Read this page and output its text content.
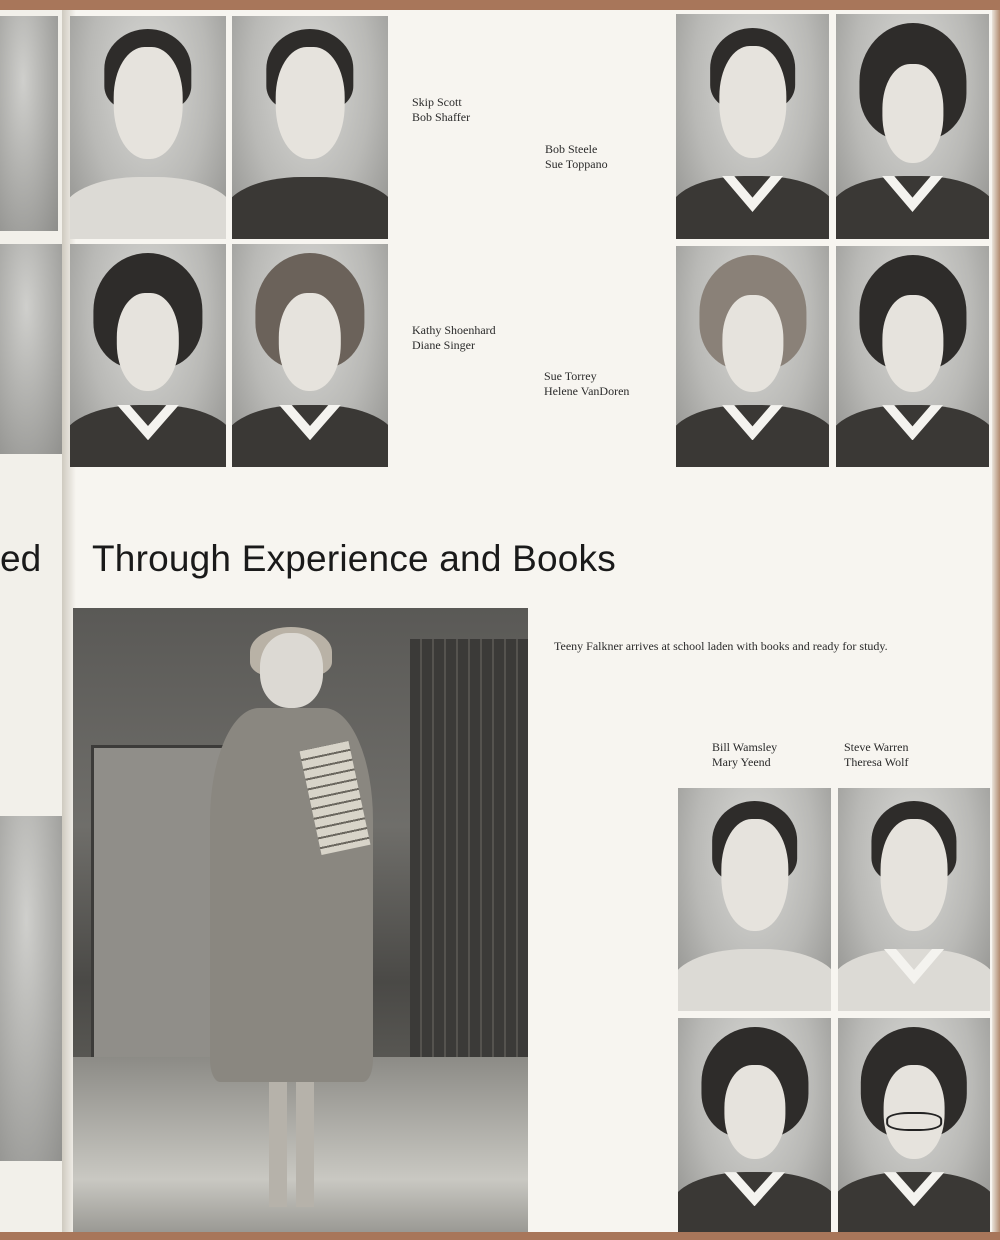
ed
Skip Scott
Bob Shaffer
Bob Steele
Sue Toppano
Kathy Shoenhard
Diane Singer
Sue Torrey
Helene VanDoren
Through Experience and Books
Teeny Falkner arrives at school laden with books and ready for study.
Bill Wamsley
Mary Yeend
Steve Warren
Theresa Wolf
